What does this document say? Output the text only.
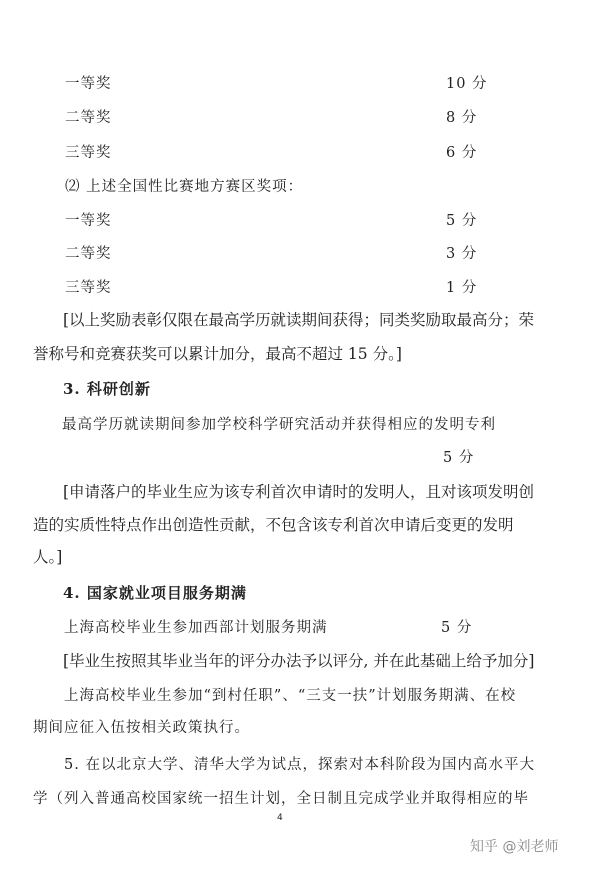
一等奖	10 分
二等奖	8 分
三等奖	6 分
⑵ 上述全国性比赛地方赛区奖项：
一等奖	5 分
二等奖	3 分
三等奖	1 分
[以上奖励表彰仅限在最高学历就读期间获得；同类奖励取最高分；荣
誉称号和竞赛获奖可以累计加分，最高不超过 15 分。]
3. 科研创新
最高学历就读期间参加学校科学研究活动并获得相应的发明专利
5 分
[申请落户的毕业生应为该专利首次申请时的发明人，且对该项发明创
造的实质性特点作出创造性贡献，不包含该专利首次申请后变更的发明
人。]
4. 国家就业项目服务期满
上海高校毕业生参加西部计划服务期满	5 分
[毕业生按照其毕业当年的评分办法予以评分, 并在此基础上给予加分]
上海高校毕业生参加“到村任职”、“三支一扶”计划服务期满、在校
期间应征入伍按相关政策执行。
5. 在以北京大学、清华大学为试点，探索对本科阶段为国内高水平大
学（列入普通高校国家统一招生计划，全日制且完成学业并取得相应的毕
4
知乎 @刘老师
